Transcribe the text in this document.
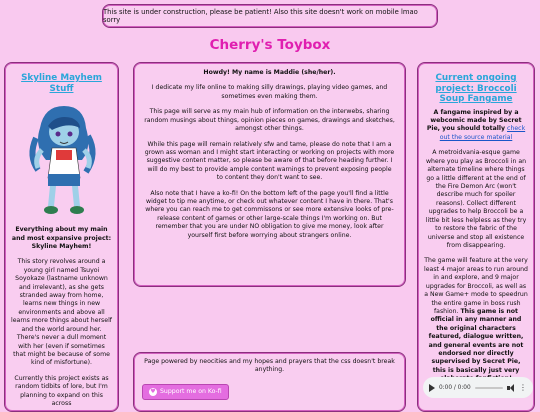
This site is under construction, please be patient! Also this site doesn't work on mobile lmao sorry
Cherry's Toybox
Skyline Mayhem Stuff

Everything about my main and most expansive project: Skyline Mayhem!

This story revolves around a young girl named Tsuyoi Soyokaze (lastname unknown and irrelevant), as she gets stranded away from home, learns new things in new environments and above all learns more things about herself and the world around her. There's never a dull moment with her (even if sometimes that might be because of some kind of misfortune).

Currently this project exists as random tidbits of lore, but I'm planning to expand on this across

Howdy! My name is Maddie (she/her).

I dedicate my life online to making silly drawings, playing video games, and sometimes even making them.

This page will serve as my main hub of information on the interwebs, sharing random musings about things, opinion pieces on games, drawings and sketches, amongst other things.

While this page will remain relatively sfw and tame, please do note that I am a grown ass woman and I might start interacting or working on projects with more suggestive content matter, so please be aware of that before heading further. I will do my best to provide ample content warnings to prevent exposing people to content they don't want to see.

Also note that I have a ko-fi! On the bottom left of the page you'll find a little widget to tip me anytime, or check out whatever content I have in there. That's where you can reach me to get commissons or see more extensive looks of pre-release content of games or other large-scale things I'm working on. But remember that you are under NO obligation to give me money, look after yourself first before worrying about strangers online.

Page powered by neocities and my hopes and prayers that the css doesn't break anything.

♥ Support me on Ko-fi
Current ongoing project: Broccoli Soup Fangame

A fangame inspired by a webcomic made by Secret Pie, you should totally check out the source material

A metroidvania-esque game where you play as Broccoli in an alternate timeline where things go a little different at the end of the Fire Demon Arc (won't describe much for spoiler reasons). Collect different upgrades to help Broccoli be a little bit less helpless as they try to restore the fabric of the universe and stop all existence from disappearing.

The game will feature at the very least 4 major areas to run around in and explore, and 9 major upgrades for Broccoli, as well as a New Game+ mode to speedrun the entire game in boss rush fashion. This game is not official in any manner and the original characters featured, dialogue written, and general events are not endorsed nor directly supervised by Secret Pie, this is basically just very

0:00 / 0:00	⋮
